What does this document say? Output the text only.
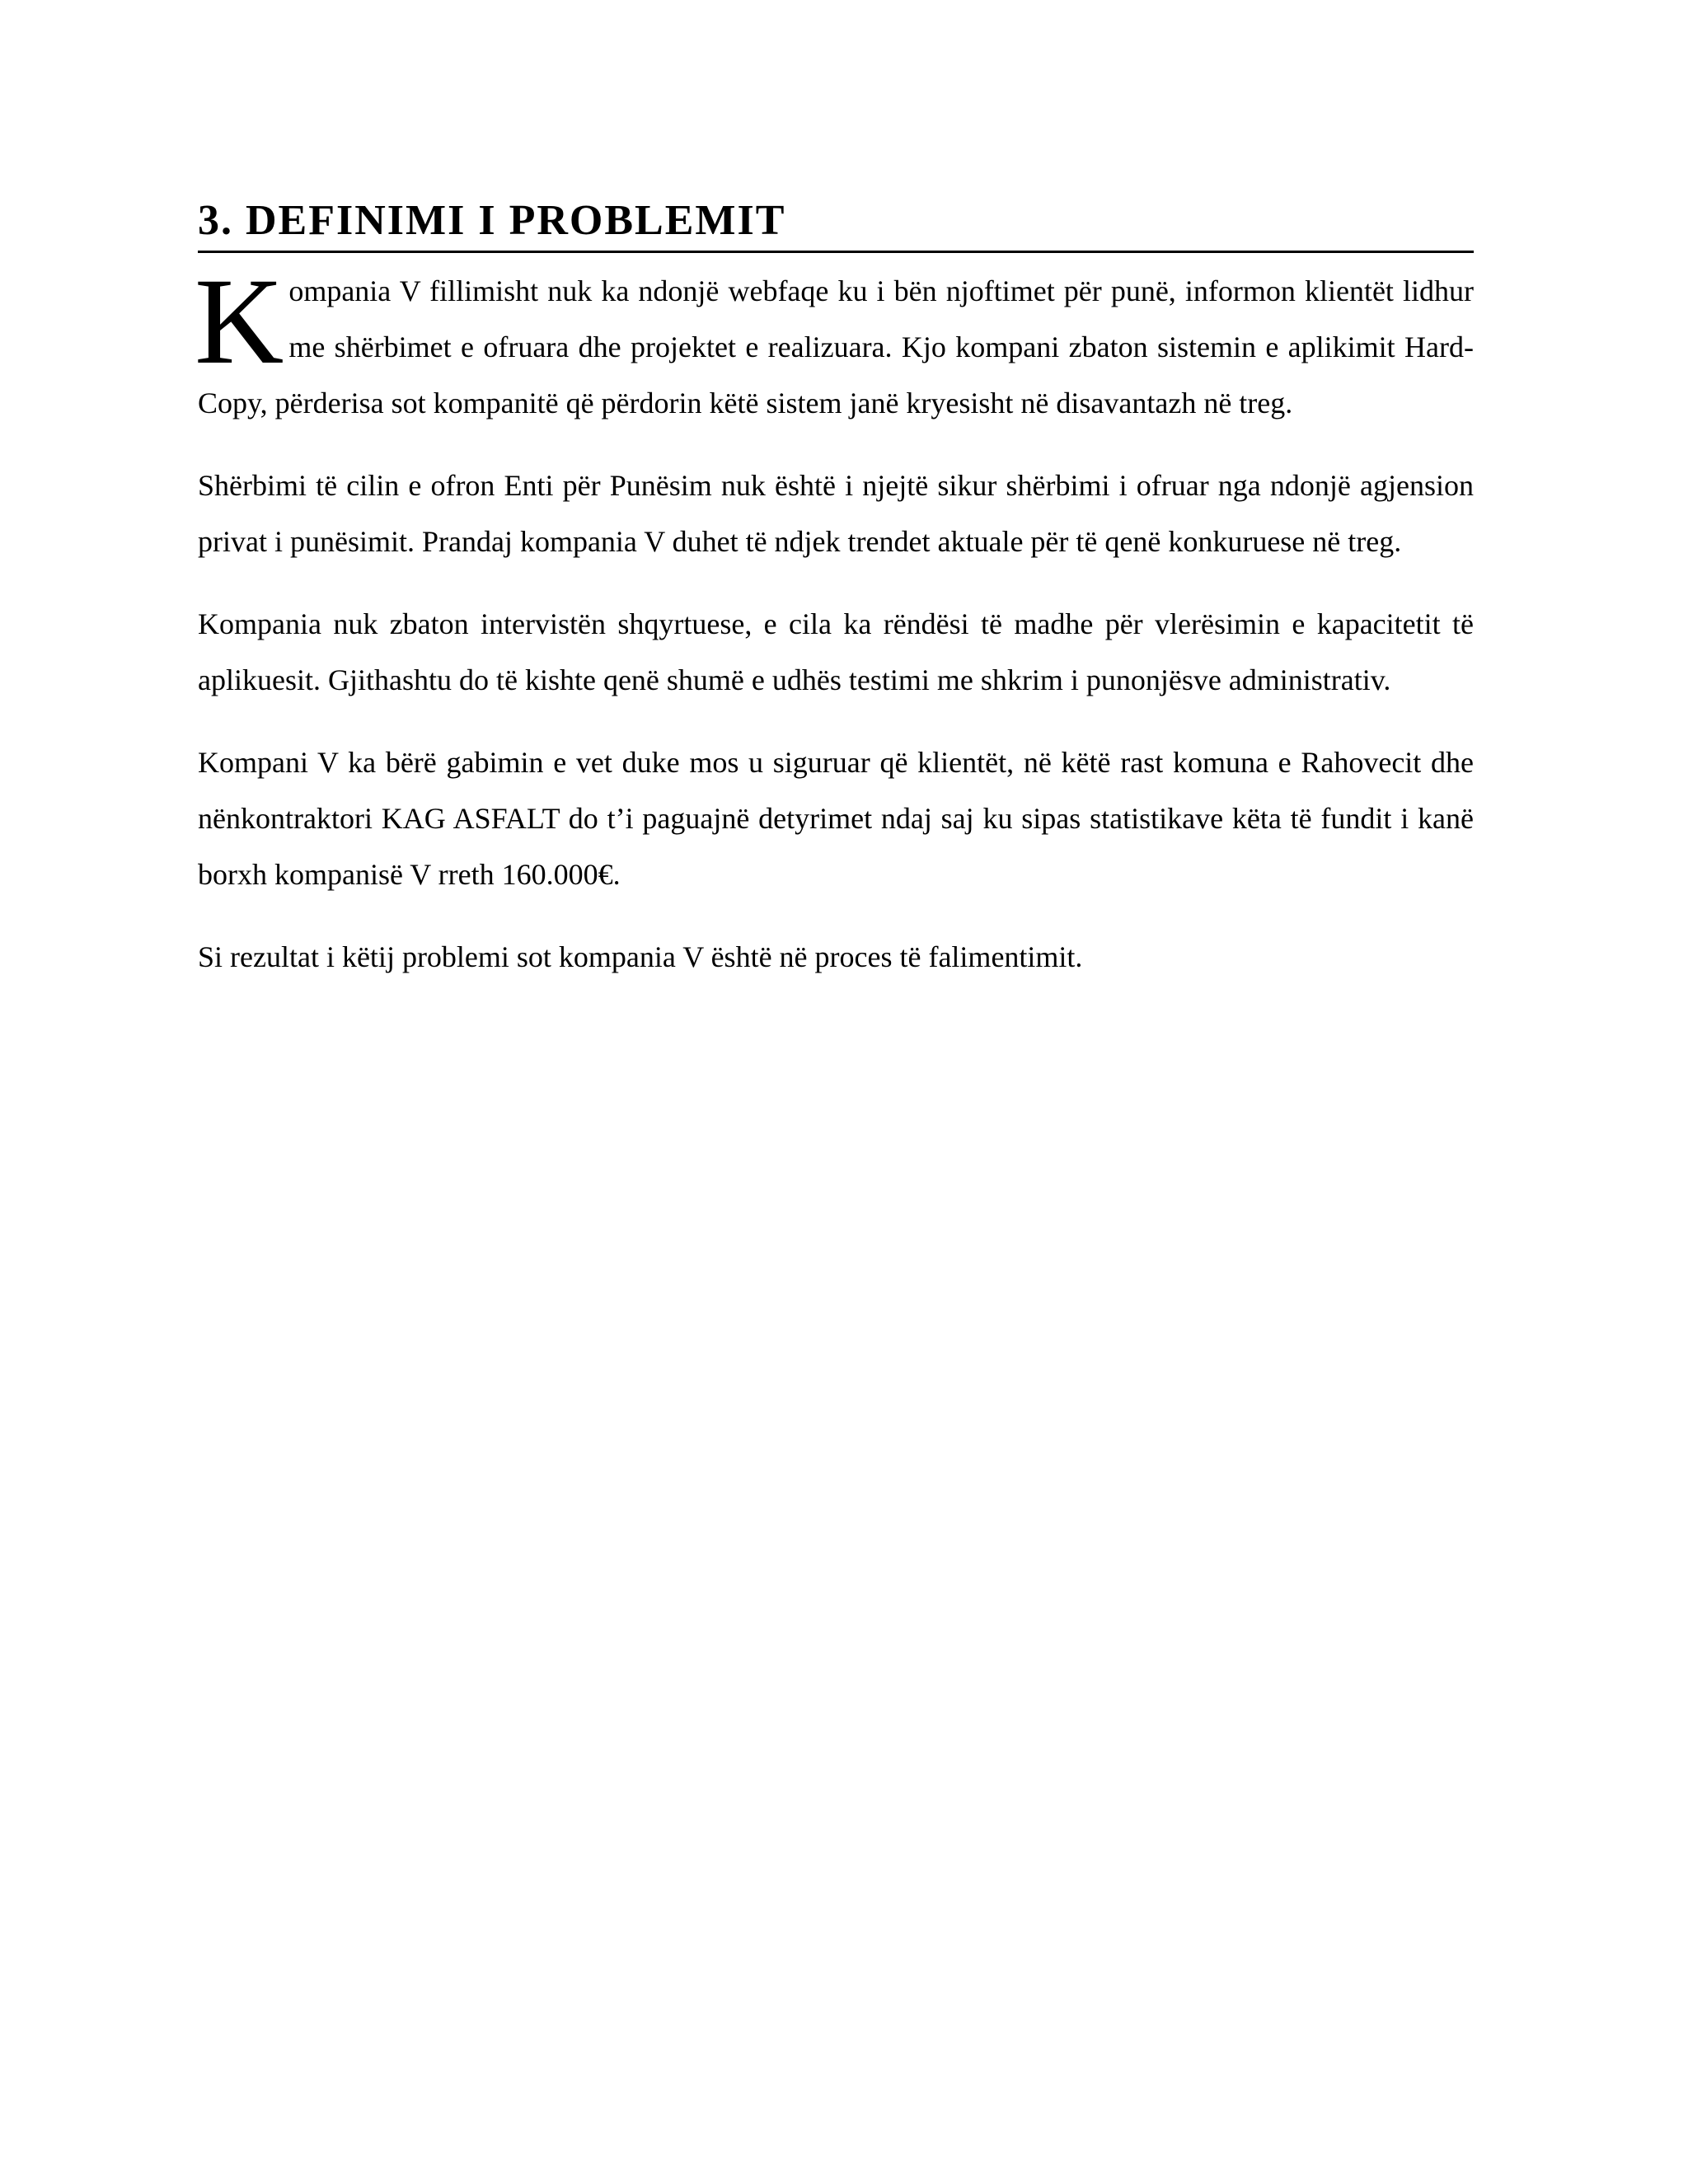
3. DEFINIMI I PROBLEMIT

Kompania V fillimisht nuk ka ndonjë webfaqe ku i bën njoftimet për punë, informon klientët lidhur me shërbimet e ofruara dhe projektet e realizuara. Kjo kompani zbaton sistemin e aplikimit Hard-Copy, përderisa sot kompanitë që përdorin këtë sistem janë kryesisht në disavantazh në treg.

Shërbimi të cilin e ofron Enti për Punësim nuk është i njejtë sikur shërbimi i ofruar nga ndonjë agjension privat i punësimit. Prandaj kompania V duhet të ndjek trendet aktuale për të qenë konkuruese në treg.

Kompania nuk zbaton intervistën shqyrtuese, e cila ka rëndësi të madhe për vlerësimin e kapacitetit të aplikuesit. Gjithashtu do të kishte qenë shumë e udhës testimi me shkrim i punonjësve administrativ.

Kompani V ka bërë gabimin e vet duke mos u siguruar që klientët, në këtë rast komuna e Rahovecit dhe nënkontraktori KAG ASFALT do t’i paguajnë detyrimet ndaj saj ku sipas statistikave këta të fundit i kanë borxh kompanisë V rreth 160.000€.

Si rezultat i këtij problemi sot kompania V është në proces të falimentimit.
